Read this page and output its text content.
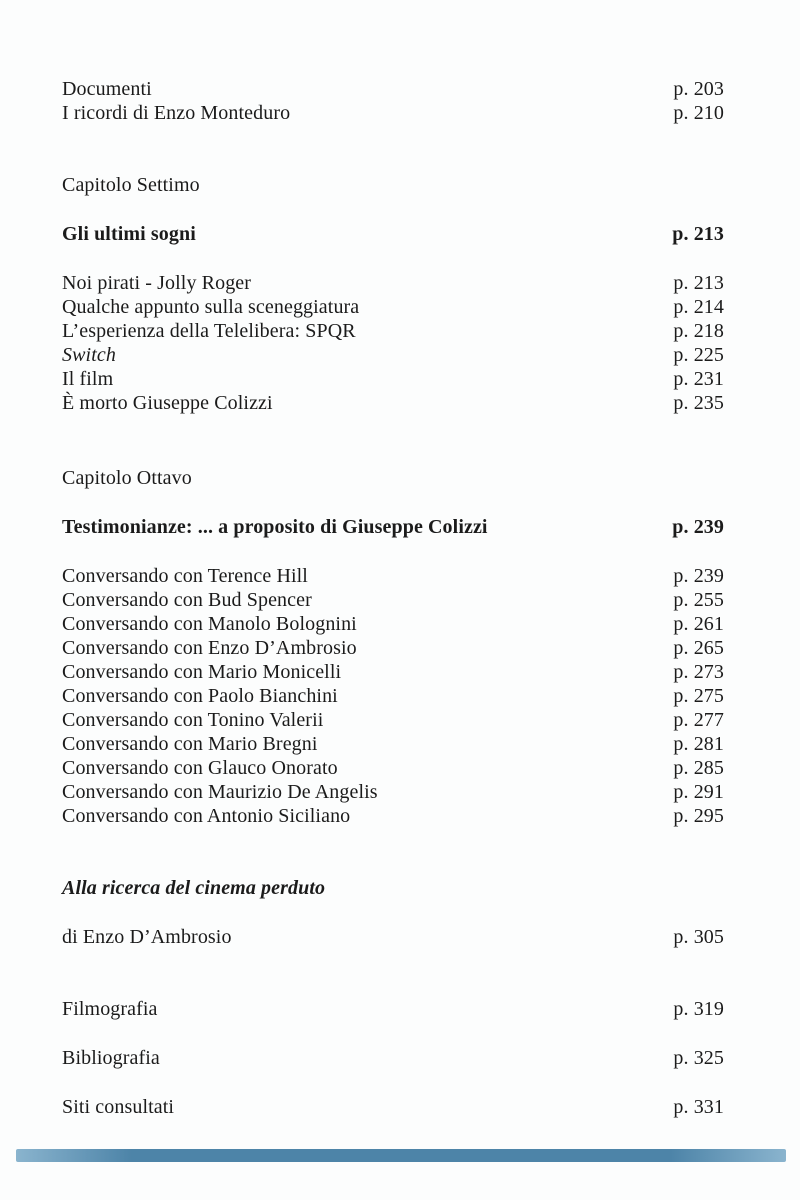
Documenti	p. 203
I ricordi di Enzo Monteduro	p. 210
Capitolo Settimo
Gli ultimi sogni	p. 213
Noi pirati - Jolly Roger	p. 213
Qualche appunto sulla sceneggiatura	p. 214
L’esperienza della Telelibera: SPQR	p. 218
Switch	p. 225
Il film	p. 231
È morto Giuseppe Colizzi	p. 235
Capitolo Ottavo
Testimonianze: ... a proposito di Giuseppe Colizzi	p. 239
Conversando con Terence Hill	p. 239
Conversando con Bud Spencer	p. 255
Conversando con Manolo Bolognini	p. 261
Conversando con Enzo D’Ambrosio	p. 265
Conversando con Mario Monicelli	p. 273
Conversando con Paolo Bianchini	p. 275
Conversando con Tonino Valerii	p. 277
Conversando con Mario Bregni	p. 281
Conversando con Glauco Onorato	p. 285
Conversando con Maurizio De Angelis	p. 291
Conversando con Antonio Siciliano	p. 295
Alla ricerca del cinema perduto
di Enzo D’Ambrosio	p. 305
Filmografia	p. 319
Bibliografia	p. 325
Siti consultati	p. 331
